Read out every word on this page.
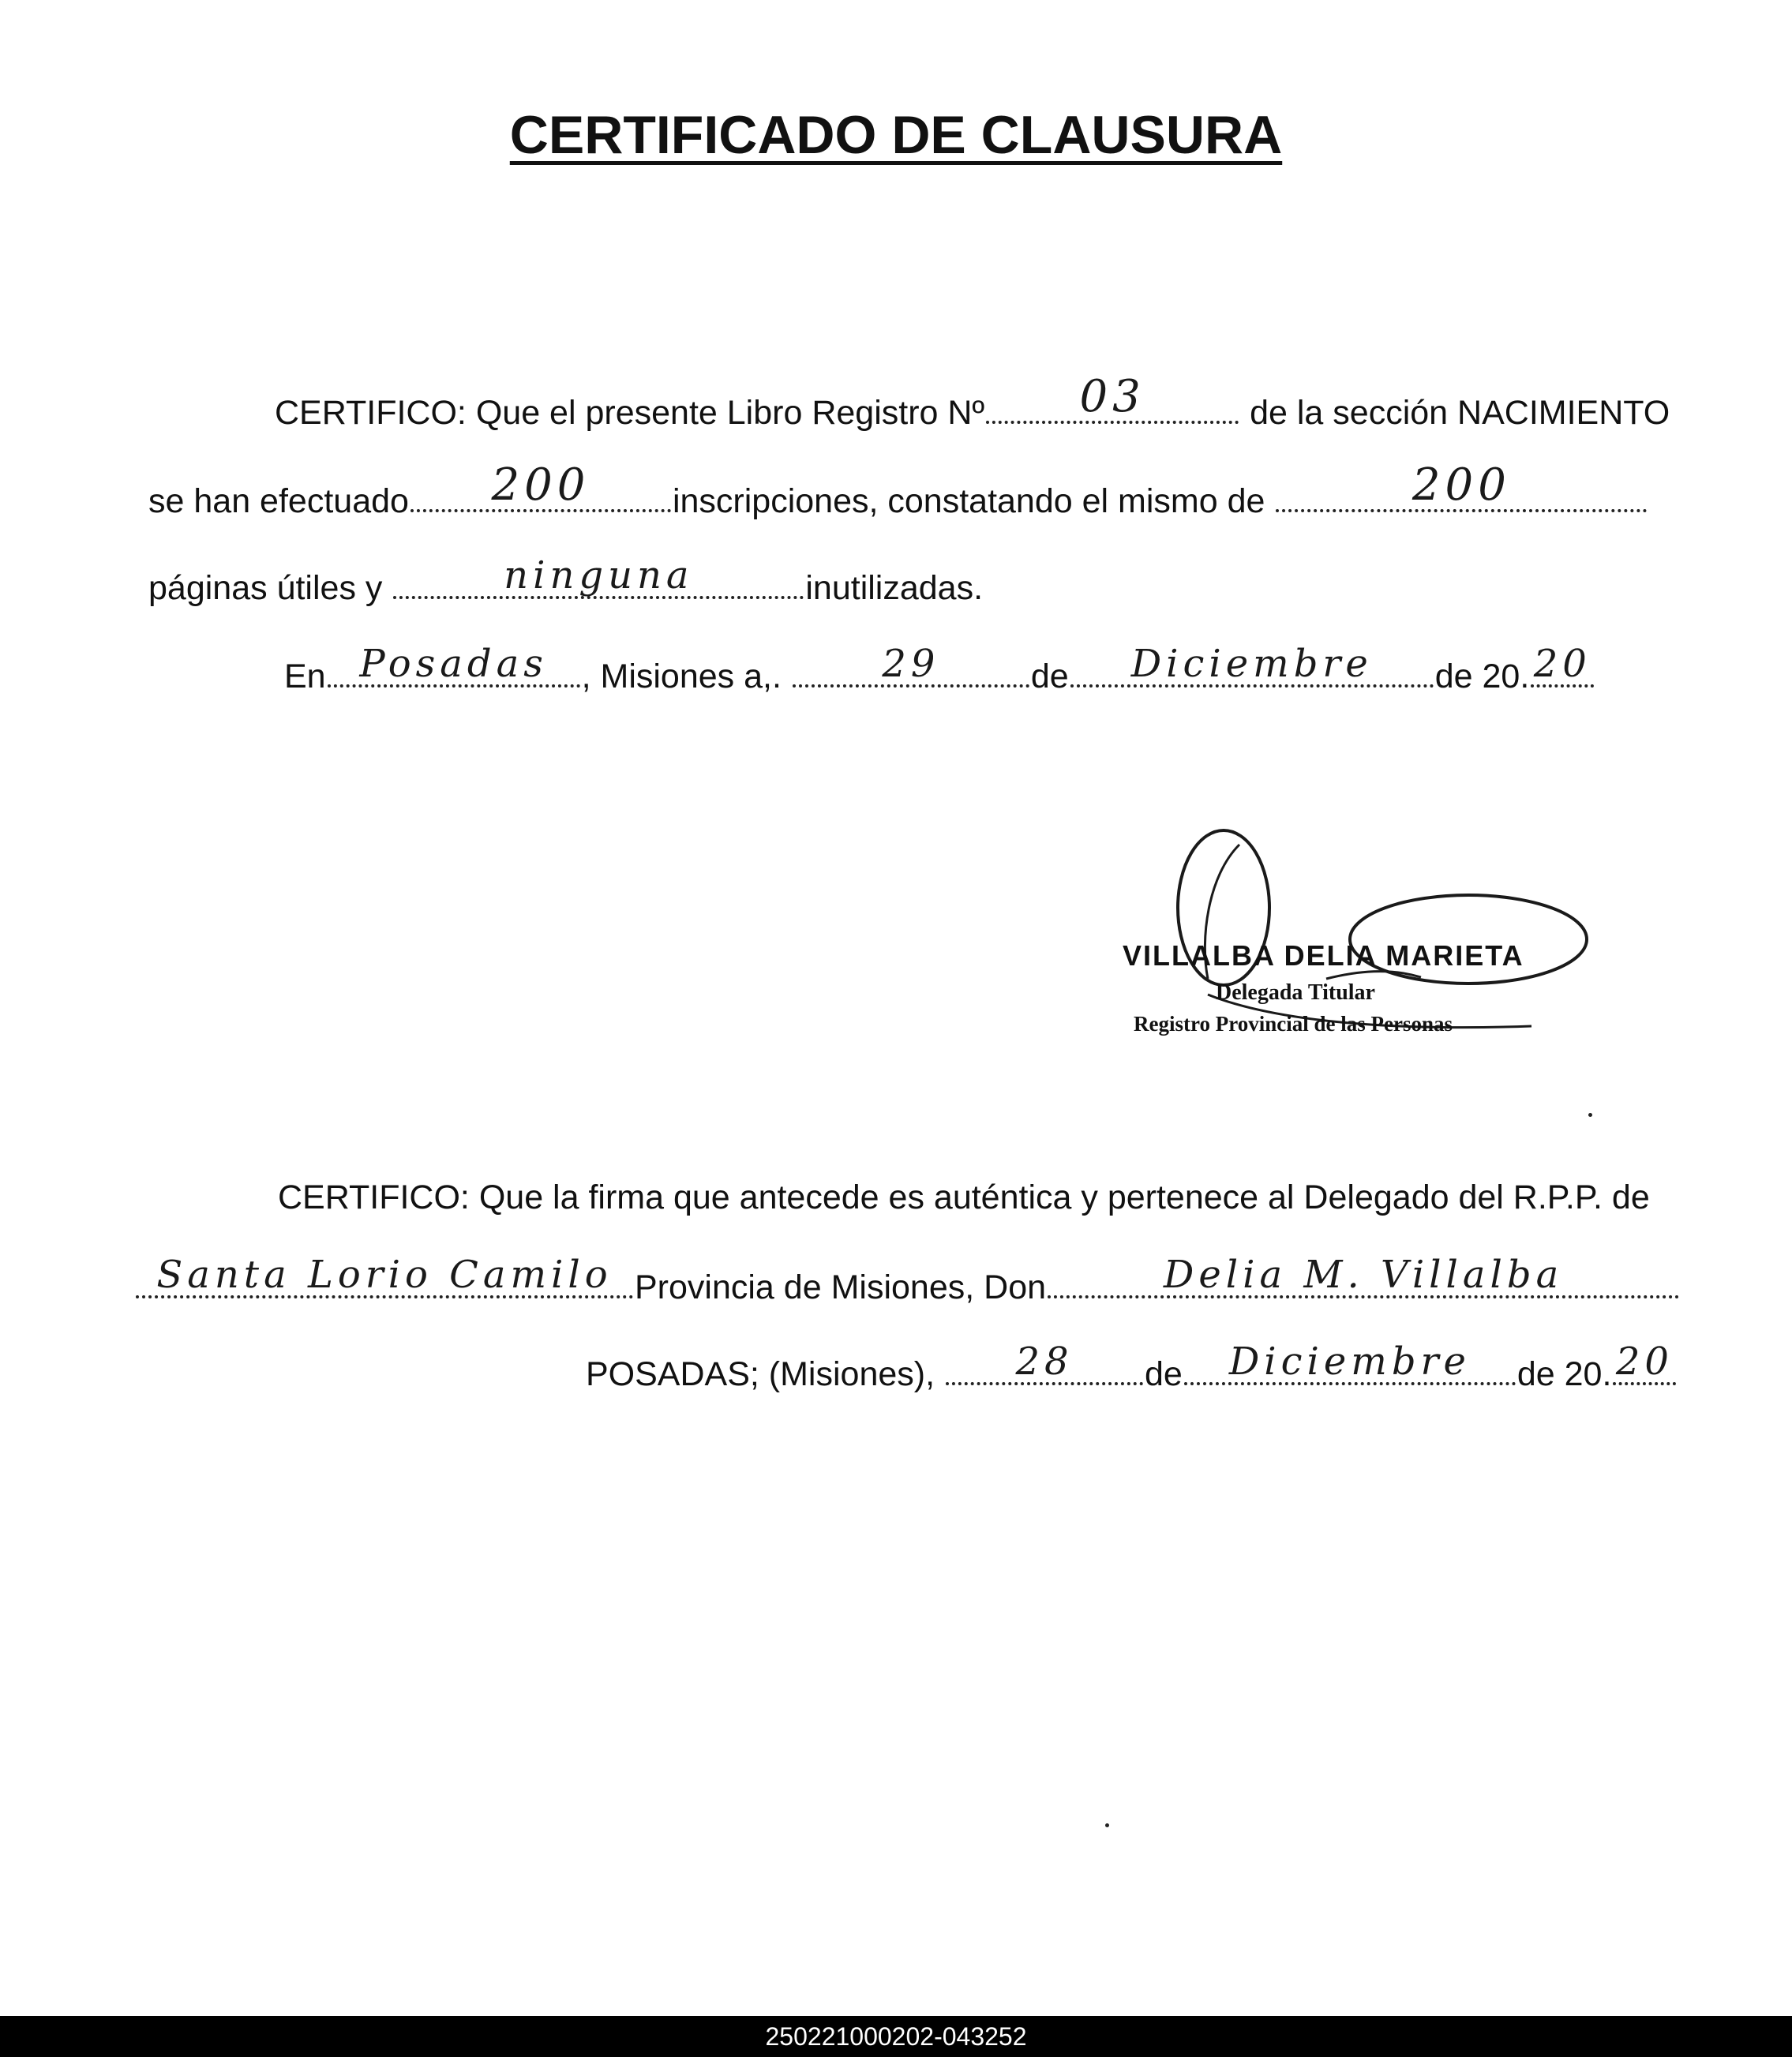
CERTIFICADO DE CLAUSURA
CERTIFICO: Que el presente Libro Registro Nº 03	de la sección NACIMIENTO
se han efectuado 200 inscripciones, constatando el mismo de	200
páginas útiles y	ninguna	inutilizadas.
En Posadas , Misiones a,.	29	de Diciembre de 20. 20
VILLALBA DELIA MARIETA
Delegada Titular
Registro Provincial de las Personas
CERTIFICO: Que la firma que antecede es auténtica y pertenece al Delegado del R.P.P. de
Santa Lorio Camilo Provincia de Misiones, Don	Delia M. Villalba
POSADAS; (Misiones), 28 de Diciembre de 20. 20
250221000202-043252
